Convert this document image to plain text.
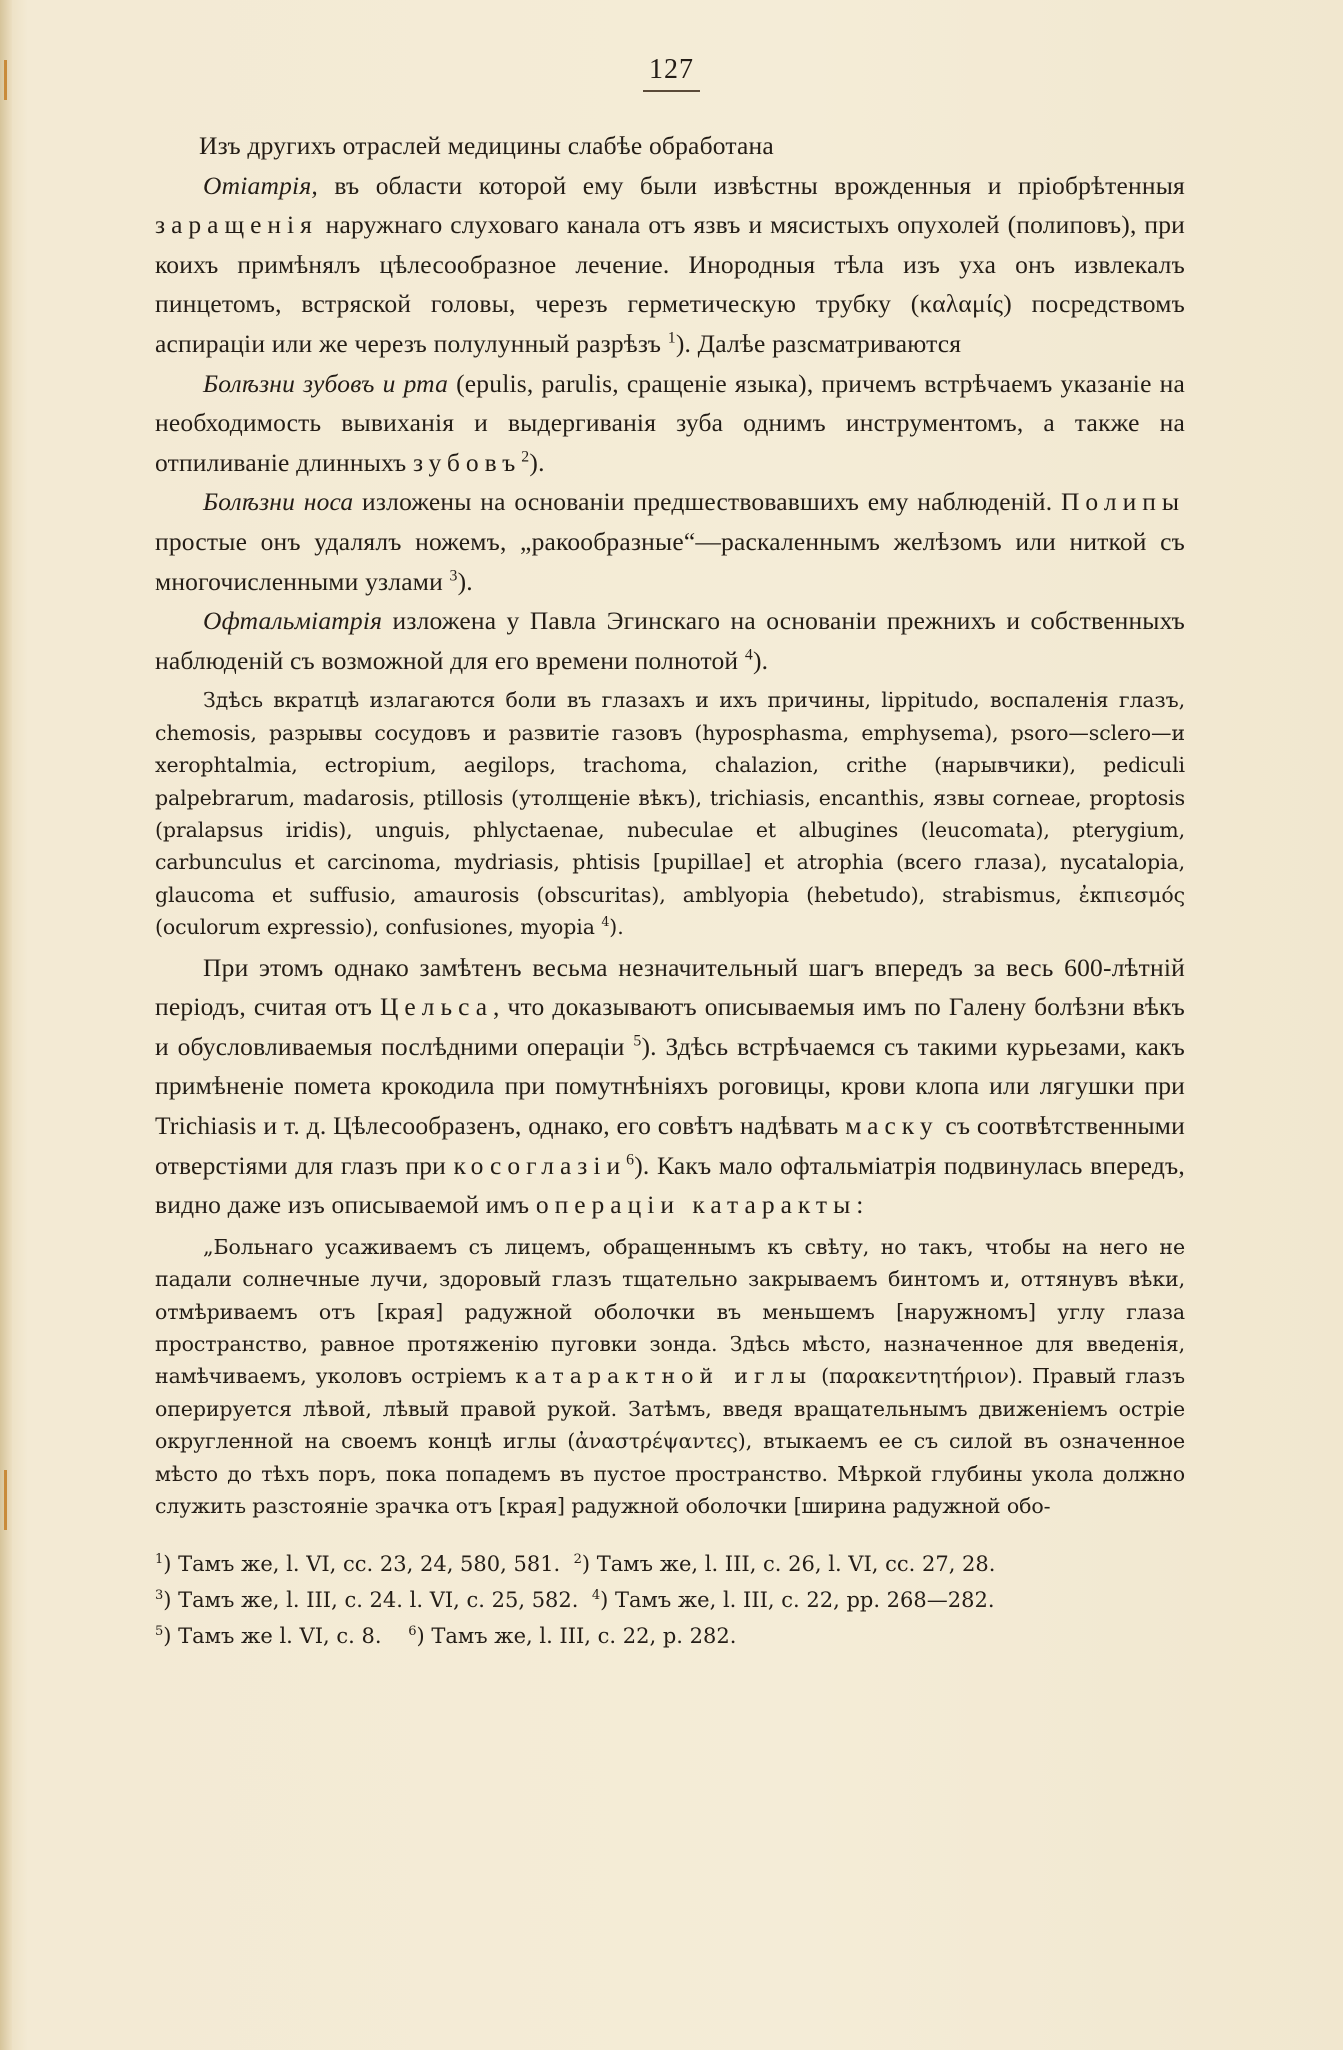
127

Изъ другихъ отраслей медицины слабѣе обработана

Отіатрія, въ области которой ему были извѣстны врожденныя и пріобрѣтенныя заращенія наружнаго слуховаго канала отъ язвъ и мясистыхъ опухолей (полиповъ), при коихъ примѣнялъ цѣлесообразное лечение. Инородныя тѣла изъ уха онъ извлекалъ пинцетомъ, встряской головы, черезъ герметическую трубку (καλαμίς) посредствомъ аспираціи или же черезъ полулунный разрѣзъ $^1$). Далѣе разсматриваются

Болѣзни зубовъ и рта (epulis, parulis, сращеніе языка), причемъ встрѣчаемъ указаніе на необходимость вывиханія и выдергиванія зуба однимъ инструментомъ, а также на отпиливаніе длинныхъ зубовъ$^2$).

Болѣзни носа изложены на основаніи предшествовавшихъ ему наблюденій. Полипы простые онъ удалялъ ножемъ, „ракообразные“—раскаленнымъ желѣзомъ или ниткой съ многочисленными узлами $^3$).

Офтальміатрія изложена у Павла Эгинскаго на основаніи прежнихъ и собственныхъ наблюденій съ возможной для его времени полнотой $^4$).

Здѣсь вкратцѣ излагаются боли въ глазахъ и ихъ причины, lippitudo, воспаленія глазъ, chemosis, разрывы сосудовъ и развитіе газовъ (hyposphasma, emphysema), psoro—sclero—и xerophtalmia, ectropium, aegilops, trachoma, chalazion, crithe (нарывчики), pediculi palpebrarum, madarosis, ptillosis (утолщеніе вѣкъ), trichiasis, encanthis, язвы corneae, proptosis (pralapsus iridis), unguis, phlyctaenae, nubeculae et albugines (leucomata), pterygium, carbunculus et carcinoma, mydriasis, phtisis [pupillae] et atrophia (всего глаза), nycatalopia, glaucoma et suffusio, amaurosis (obscuritas), amblyopia (hebetudo), strabismus, ἐκπιεσμός (oculorum expressio), confusiones, myopia $^4$).

При этомъ однако замѣтенъ весьма незначительный шагъ впередъ за весь 600-лѣтній періодъ, считая отъ Цельса, что доказываютъ описываемыя имъ по Галену болѣзни вѣкъ и обусловливаемыя послѣдними операціи $^5$). Здѣсь встрѣчаемся съ такими курьезами, какъ примѣненіе помета крокодила при помутнѣніяхъ роговицы, крови клопа или лягушки при Trichiasis и т. д. Цѣлесообразенъ, однако, его совѣтъ надѣвать маску съ соотвѣтственными отверстіями для глазъ при косоглазіи$^6$). Какъ мало офтальміатрія подвинулась впередъ, видно даже изъ описываемой имъ операціи катаракты:

„Больнаго усаживаемъ съ лицемъ, обращеннымъ къ свѣту, но такъ, чтобы на него не падали солнечные лучи, здоровый глазъ тщательно закрываемъ бинтомъ и, оттянувъ вѣки, отмѣриваемъ отъ [края] радужной оболочки въ меньшемъ [наружномъ] углу глаза пространство, равное протяженію пуговки зонда. Здѣсь мѣсто, назначенное для введенія, намѣчиваемъ, уколовъ остріемъ катарактной иглы (παρακεντητήριον). Правый глазъ оперируется лѣвой, лѣвый правой рукой. Затѣмъ, введя вращательнымъ движеніемъ остріе округленной на своемъ концѣ иглы (ἀναστρέψαντες), втыкаемъ ее съ силой въ означенное мѣсто до тѣхъ поръ, пока попадемъ въ пустое пространство. Мѣркой глубины укола должно служить разстояніе зрачка отъ [края] радужной оболочки [ширина радужной обо-

$^1$) Тамъ же, l. VI, cc. 23, 24, 580, 581. $^2$) Тамъ же, l. III, c. 26, l. VI, cc. 27, 28.

$^3$) Тамъ же, l. III, c. 24. l. VI, c. 25, 582. $^4$) Тамъ же, l. III, c. 22, pp. 268—282.

$^5$) Тамъ же l. VI, c. 8. $^6$) Тамъ же, l. III, c. 22, p. 282.
